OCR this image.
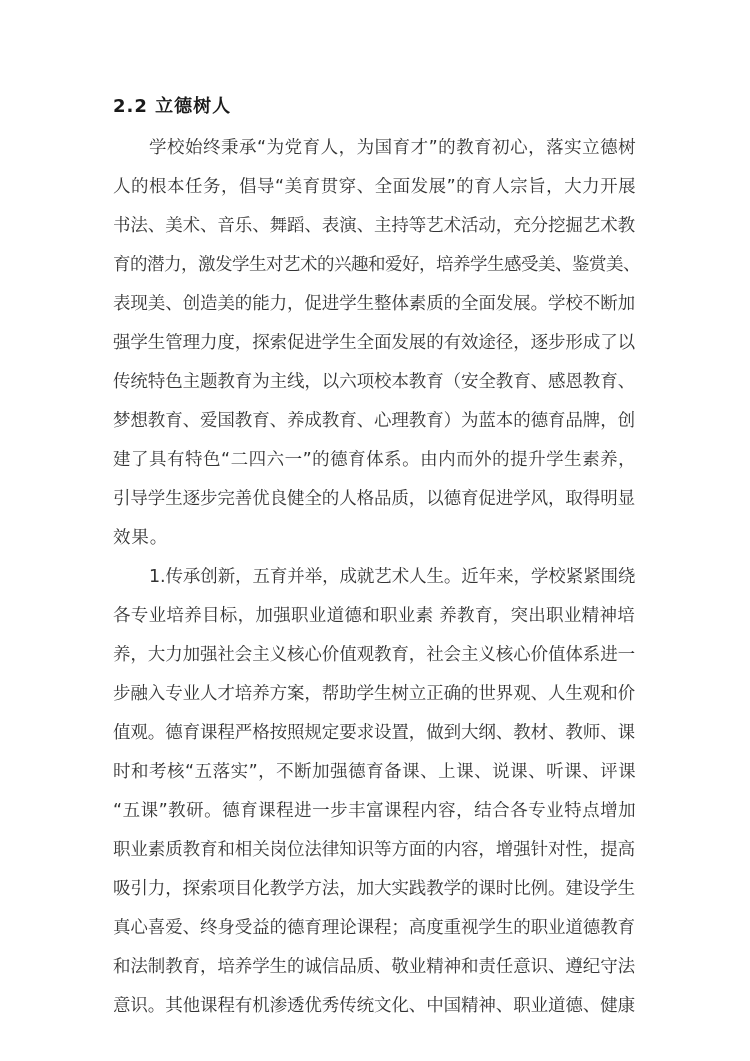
2.2 立德树人
学校始终秉承“为党育人，为国育才”的教育初心，落实立德树
人的根本任务，倡导“美育贯穿、全面发展”的育人宗旨，大力开展
书法、美术、音乐、舞蹈、表演、主持等艺术活动，充分挖掘艺术教
育的潜力，激发学生对艺术的兴趣和爱好，培养学生感受美、鉴赏美、
表现美、创造美的能力，促进学生整体素质的全面发展。学校不断加
强学生管理力度，探索促进学生全面发展的有效途径，逐步形成了以
传统特色主题教育为主线，以六项校本教育（安全教育、感恩教育、
梦想教育、爱国教育、养成教育、心理教育）为蓝本的德育品牌，创
建了具有特色“二四六一”的德育体系。由内而外的提升学生素养，
引导学生逐步完善优良健全的人格品质，以德育促进学风，取得明显
效果。
1.传承创新，五育并举，成就艺术人生。近年来，学校紧紧围绕
各专业培养目标，加强职业道德和职业素 养教育，突出职业精神培
养，大力加强社会主义核心价值观教育，社会主义核心价值体系进一
步融入专业人才培养方案，帮助学生树立正确的世界观、人生观和价
值观。德育课程严格按照规定要求设置，做到大纲、教材、教师、课
时和考核“五落实”，不断加强德育备课、上课、说课、听课、评课
“五课”教研。德育课程进一步丰富课程内容，结合各专业特点增加
职业素质教育和相关岗位法律知识等方面的内容，增强针对性，提高
吸引力，探索项目化教学方法，加大实践教学的课时比例。建设学生
真心喜爱、终身受益的德育理论课程；高度重视学生的职业道德教育
和法制教育，培养学生的诚信品质、敬业精神和责任意识、遵纪守法
意识。其他课程有机渗透优秀传统文化、中国精神、职业道德、健康
